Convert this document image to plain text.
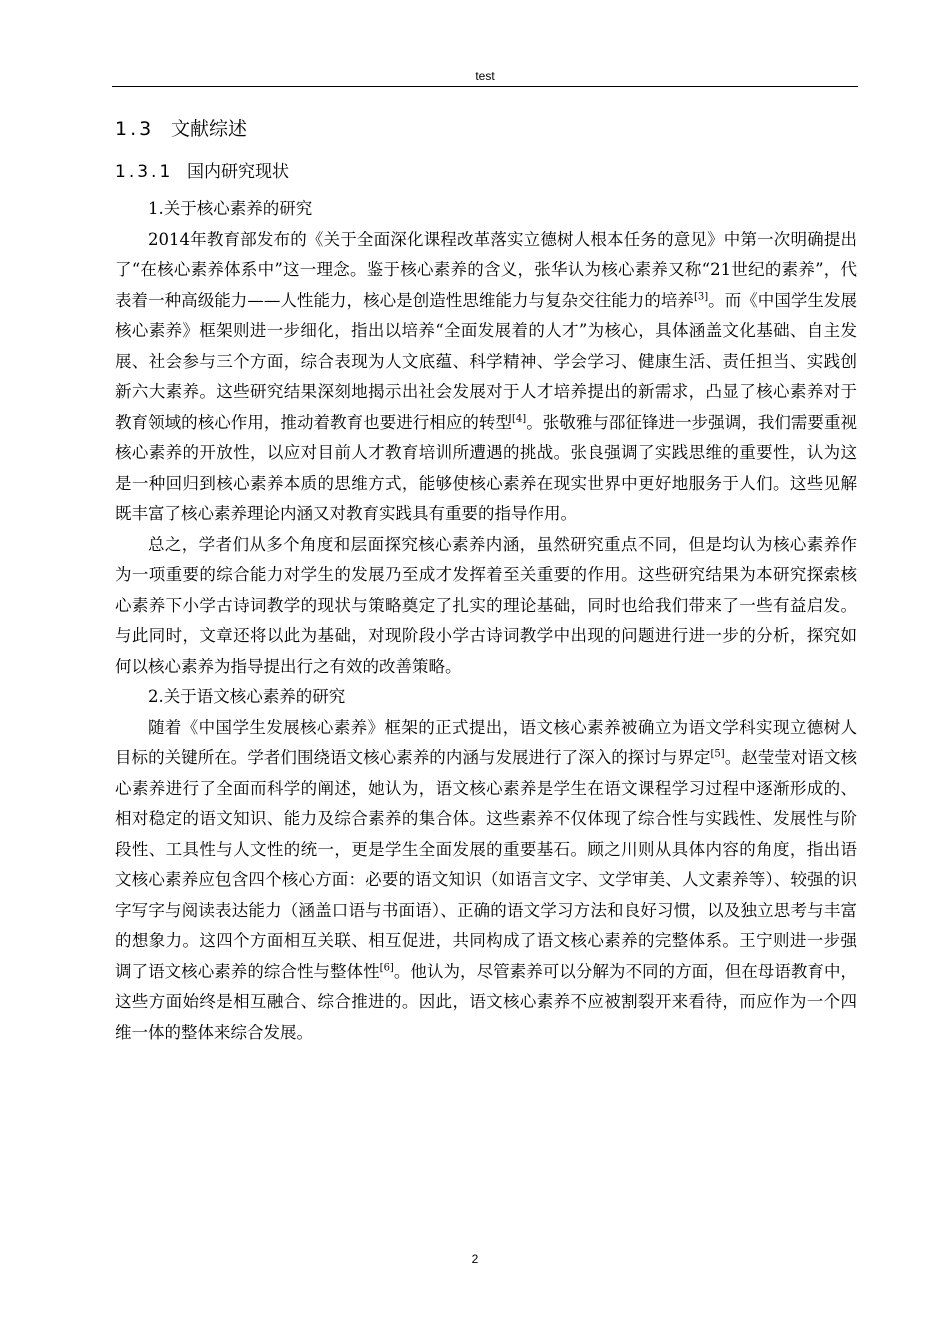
test
1.3 文献综述
1.3.1 国内研究现状

1.关于核心素养的研究

2014年教育部发布的《关于全面深化课程改革落实立德树人根本任务的意见》中第一次明确提出了“在核心素养体系中”这一理念。鉴于核心素养的含义，张华认为核心素养又称“21世纪的素养”，代表着一种高级能力——人性能力，核心是创造性思维能力与复杂交往能力的培养[3]。而《中国学生发展核心素养》框架则进一步细化，指出以培养“全面发展着的人才”为核心，具体涵盖文化基础、自主发展、社会参与三个方面，综合表现为人文底蕴、科学精神、学会学习、健康生活、责任担当、实践创新六大素养。这些研究结果深刻地揭示出社会发展对于人才培养提出的新需求，凸显了核心素养对于教育领域的核心作用，推动着教育也要进行相应的转型[4]。张敬雅与邵征锋进一步强调，我们需要重视核心素养的开放性，以应对目前人才教育培训所遭遇的挑战。张良强调了实践思维的重要性，认为这是一种回归到核心素养本质的思维方式，能够使核心素养在现实世界中更好地服务于人们。这些见解既丰富了核心素养理论内涵又对教育实践具有重要的指导作用。

总之，学者们从多个角度和层面探究核心素养内涵，虽然研究重点不同，但是均认为核心素养作为一项重要的综合能力对学生的发展乃至成才发挥着至关重要的作用。这些研究结果为本研究探索核心素养下小学古诗词教学的现状与策略奠定了扎实的理论基础，同时也给我们带来了一些有益启发。与此同时，文章还将以此为基础，对现阶段小学古诗词教学中出现的问题进行进一步的分析，探究如何以核心素养为指导提出行之有效的改善策略。

2.关于语文核心素养的研究

随着《中国学生发展核心素养》框架的正式提出，语文核心素养被确立为语文学科实现立德树人目标的关键所在。学者们围绕语文核心素养的内涵与发展进行了深入的探讨与界定[5]。赵莹莹对语文核心素养进行了全面而科学的阐述，她认为，语文核心素养是学生在语文课程学习过程中逐渐形成的、相对稳定的语文知识、能力及综合素养的集合体。这些素养不仅体现了综合性与实践性、发展性与阶段性、工具性与人文性的统一，更是学生全面发展的重要基石。顾之川则从具体内容的角度，指出语文核心素养应包含四个核心方面：必要的语文知识（如语言文字、文学审美、人文素养等）、较强的识字写字与阅读表达能力（涵盖口语与书面语）、正确的语文学习方法和良好习惯，以及独立思考与丰富的想象力。这四个方面相互关联、相互促进，共同构成了语文核心素养的完整体系。王宁则进一步强调了语文核心素养的综合性与整体性[6]。他认为，尽管素养可以分解为不同的方面，但在母语教育中，这些方面始终是相互融合、综合推进的。因此，语文核心素养不应被割裂开来看待，而应作为一个四维一体的整体来综合发展。

2
